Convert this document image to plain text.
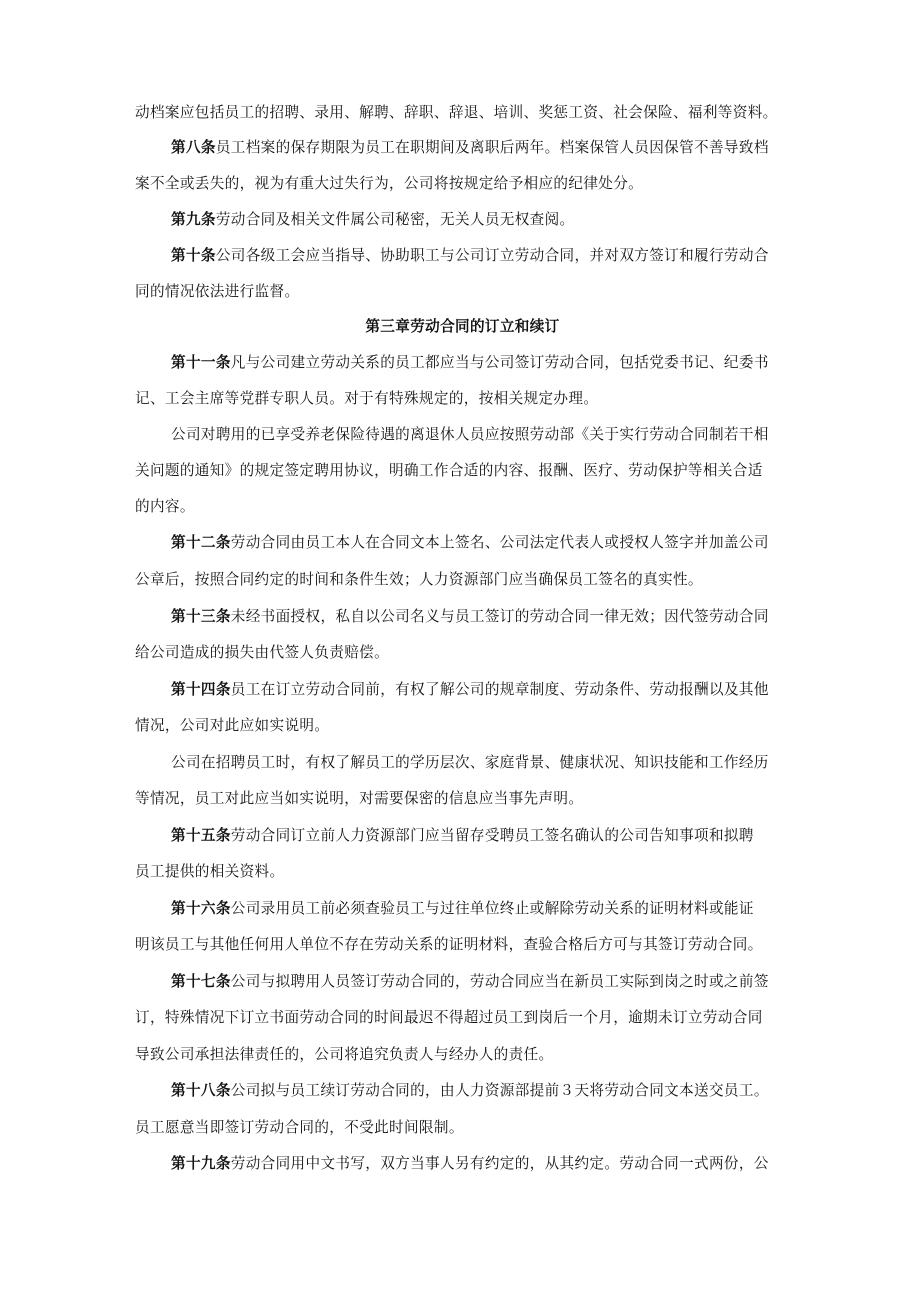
动档案应包括员工的招聘、录用、解聘、辞职、辞退、培训、奖惩工资、社会保险、福利等资料。
第八条员工档案的保存期限为员工在职期间及离职后两年。档案保管人员因保管不善导致档
案不全或丢失的，视为有重大过失行为，公司将按规定给予相应的纪律处分。
第九条劳动合同及相关文件属公司秘密，无关人员无权查阅。
第十条公司各级工会应当指导、协助职工与公司订立劳动合同，并对双方签订和履行劳动合
同的情况依法进行监督。
第三章劳动合同的订立和续订
第十一条凡与公司建立劳动关系的员工都应当与公司签订劳动合同，包括党委书记、纪委书
记、工会主席等党群专职人员。对于有特殊规定的，按相关规定办理。
公司对聘用的已享受养老保险待遇的离退休人员应按照劳动部《关于实行劳动合同制若干相
关问题的通知》的规定签定聘用协议，明确工作合适的内容、报酬、医疗、劳动保护等相关合适
的内容。
第十二条劳动合同由员工本人在合同文本上签名、公司法定代表人或授权人签字并加盖公司
公章后，按照合同约定的时间和条件生效；人力资源部门应当确保员工签名的真实性。
第十三条未经书面授权，私自以公司名义与员工签订的劳动合同一律无效；因代签劳动合同
给公司造成的损失由代签人负责赔偿。
第十四条员工在订立劳动合同前，有权了解公司的规章制度、劳动条件、劳动报酬以及其他
情况，公司对此应如实说明。
公司在招聘员工时，有权了解员工的学历层次、家庭背景、健康状况、知识技能和工作经历
等情况，员工对此应当如实说明，对需要保密的信息应当事先声明。
第十五条劳动合同订立前人力资源部门应当留存受聘员工签名确认的公司告知事项和拟聘
员工提供的相关资料。
第十六条公司录用员工前必须查验员工与过往单位终止或解除劳动关系的证明材料或能证
明该员工与其他任何用人单位不存在劳动关系的证明材料，查验合格后方可与其签订劳动合同。
第十七条公司与拟聘用人员签订劳动合同的，劳动合同应当在新员工实际到岗之时或之前签
订，特殊情况下订立书面劳动合同的时间最迟不得超过员工到岗后一个月，逾期未订立劳动合同
导致公司承担法律责任的，公司将追究负责人与经办人的责任。
第十八条公司拟与员工续订劳动合同的，由人力资源部提前３天将劳动合同文本送交员工。
员工愿意当即签订劳动合同的，不受此时间限制。
第十九条劳动合同用中文书写，双方当事人另有约定的，从其约定。劳动合同一式两份，公
